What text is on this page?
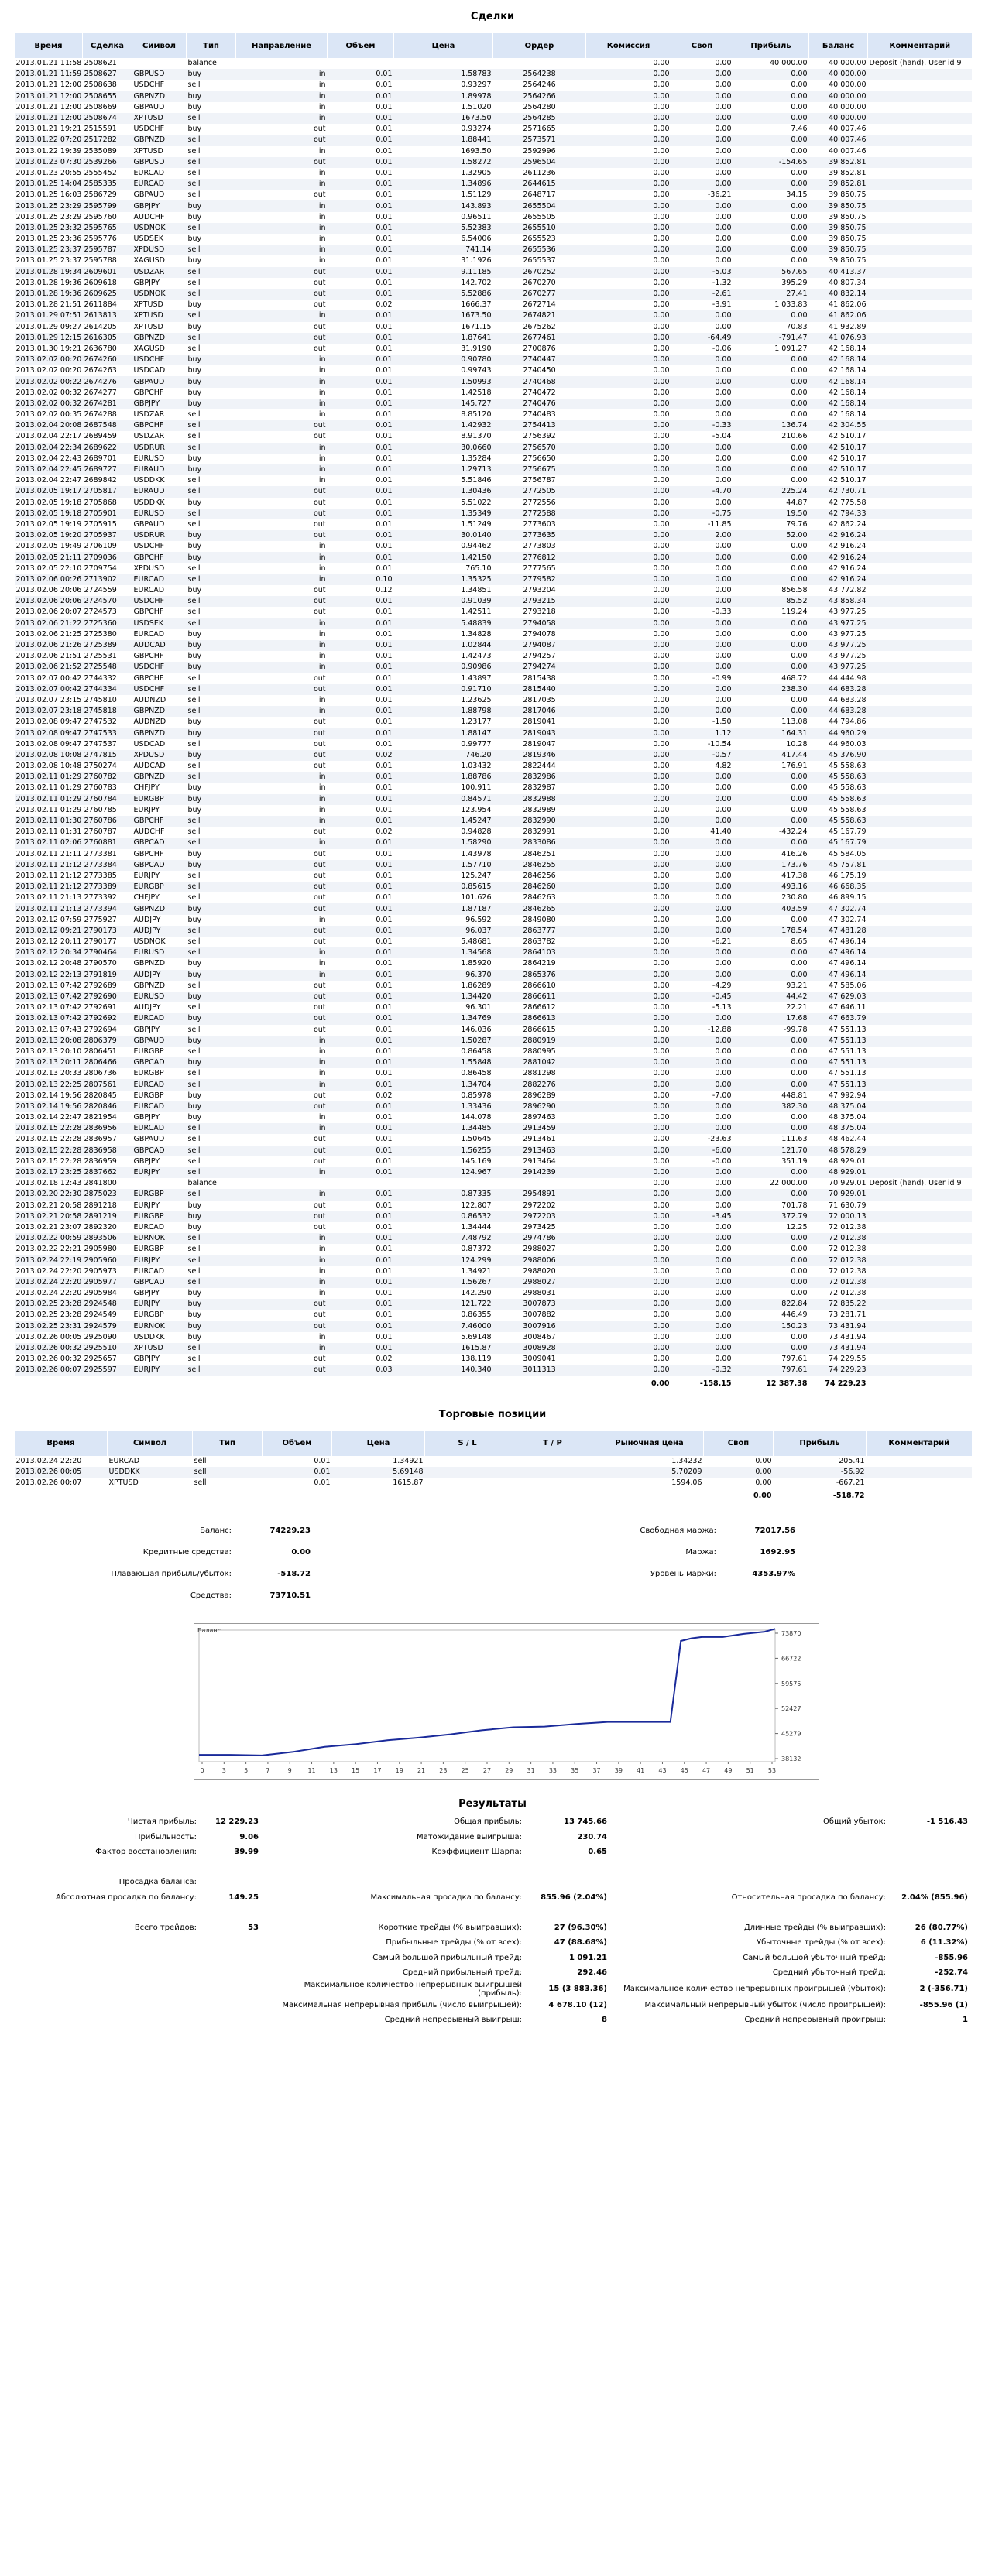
Сделки
Время	Сделка	Символ	Тип	Направление	Объем	Цена	Ордер	Комиссия	Своп	Прибыль	Баланс	Комментарий
2013.01.21 11:58	2508621		balance					0.00	0.00	40 000.00	40 000.00	Deposit (hand). User id 9
2013.01.21 11:59	2508627	GBPUSD	buy	in	0.01	1.58783	2564238	0.00	0.00	0.00	40 000.00	
2013.01.21 12:00	2508638	USDCHF	sell	in	0.01	0.93297	2564246	0.00	0.00	0.00	40 000.00	
2013.01.21 12:00	2508655	GBPNZD	buy	in	0.01	1.89978	2564266	0.00	0.00	0.00	40 000.00	
2013.01.21 12:00	2508669	GBPAUD	buy	in	0.01	1.51020	2564280	0.00	0.00	0.00	40 000.00	
2013.01.21 12:00	2508674	XPTUSD	sell	in	0.01	1673.50	2564285	0.00	0.00	0.00	40 000.00	
2013.01.21 19:21	2515591	USDCHF	buy	out	0.01	0.93274	2571665	0.00	0.00	7.46	40 007.46	
2013.01.22 07:20	2517282	GBPNZD	sell	out	0.01	1.88441	2573571	0.00	0.00	0.00	40 007.46	
2013.01.22 19:39	2535089	XPTUSD	sell	in	0.01	1693.50	2592996	0.00	0.00	0.00	40 007.46	
2013.01.23 07:30	2539266	GBPUSD	sell	out	0.01	1.58272	2596504	0.00	0.00	-154.65	39 852.81	
2013.01.23 20:55	2555452	EURCAD	sell	in	0.01	1.32905	2611236	0.00	0.00	0.00	39 852.81	
2013.01.25 14:04	2585335	EURCAD	sell	in	0.01	1.34896	2644615	0.00	0.00	0.00	39 852.81	
2013.01.25 16:03	2586729	GBPAUD	sell	out	0.01	1.51129	2648717	0.00	-36.21	34.15	39 850.75	
2013.01.25 23:29	2595799	GBPJPY	buy	in	0.01	143.893	2655504	0.00	0.00	0.00	39 850.75	
2013.01.25 23:29	2595760	AUDCHF	buy	in	0.01	0.96511	2655505	0.00	0.00	0.00	39 850.75	
2013.01.25 23:32	2595765	USDNOK	sell	in	0.01	5.52383	2655510	0.00	0.00	0.00	39 850.75	
2013.01.25 23:36	2595776	USDSEK	buy	in	0.01	6.54006	2655523	0.00	0.00	0.00	39 850.75	
2013.01.25 23:37	2595787	XPDUSD	sell	in	0.01	741.14	2655536	0.00	0.00	0.00	39 850.75	
2013.01.25 23:37	2595788	XAGUSD	buy	in	0.01	31.1926	2655537	0.00	0.00	0.00	39 850.75	
2013.01.28 19:34	2609601	USDZAR	sell	out	0.01	9.11185	2670252	0.00	-5.03	567.65	40 413.37	
2013.01.28 19:36	2609618	GBPJPY	sell	out	0.01	142.702	2670270	0.00	-1.32	395.29	40 807.34	
2013.01.28 19:36	2609625	USDNOK	sell	out	0.01	5.52886	2670277	0.00	-2.61	27.41	40 832.14	
2013.01.28 21:51	2611884	XPTUSD	buy	out	0.02	1666.37	2672714	0.00	-3.91	1 033.83	41 862.06	
2013.01.29 07:51	2613813	XPTUSD	sell	in	0.01	1673.50	2674821	0.00	0.00	0.00	41 862.06	
2013.01.29 09:27	2614205	XPTUSD	buy	out	0.01	1671.15	2675262	0.00	0.00	70.83	41 932.89	
2013.01.29 12:15	2616305	GBPNZD	sell	out	0.01	1.87641	2677461	0.00	-64.49	-791.47	41 076.93	
2013.01.30 19:21	2636780	XAGUSD	sell	out	0.01	31.9190	2700876	0.00	-0.06	1 091.27	42 168.14	
2013.02.02 00:20	2674260	USDCHF	buy	in	0.01	0.90780	2740447	0.00	0.00	0.00	42 168.14	
2013.02.02 00:20	2674263	USDCAD	buy	in	0.01	0.99743	2740450	0.00	0.00	0.00	42 168.14	
2013.02.02 00:22	2674276	GBPAUD	buy	in	0.01	1.50993	2740468	0.00	0.00	0.00	42 168.14	
2013.02.02 00:32	2674277	GBPCHF	buy	in	0.01	1.42518	2740472	0.00	0.00	0.00	42 168.14	
2013.02.02 00:32	2674281	GBPJPY	buy	in	0.01	145.727	2740476	0.00	0.00	0.00	42 168.14	
2013.02.02 00:35	2674288	USDZAR	sell	in	0.01	8.85120	2740483	0.00	0.00	0.00	42 168.14	
2013.02.04 20:08	2687548	GBPCHF	sell	out	0.01	1.42932	2754413	0.00	-0.33	136.74	42 304.55	
2013.02.04 22:17	2689459	USDZAR	sell	out	0.01	8.91370	2756392	0.00	-5.04	210.66	42 510.17	
2013.02.04 22:34	2689622	USDRUR	sell	in	0.01	30.0660	2756570	0.00	0.00	0.00	42 510.17	
2013.02.04 22:43	2689701	EURUSD	buy	in	0.01	1.35284	2756650	0.00	0.00	0.00	42 510.17	
2013.02.04 22:45	2689727	EURAUD	buy	in	0.01	1.29713	2756675	0.00	0.00	0.00	42 510.17	
2013.02.04 22:47	2689842	USDDKK	sell	in	0.01	5.51846	2756787	0.00	0.00	0.00	42 510.17	
2013.02.05 19:17	2705817	EURAUD	sell	out	0.01	1.30436	2772505	0.00	-4.70	225.24	42 730.71	
2013.02.05 19:18	2705868	USDDKK	buy	out	0.01	5.51022	2772556	0.00	0.00	44.87	42 775.58	
2013.02.05 19:18	2705901	EURUSD	sell	out	0.01	1.35349	2772588	0.00	-0.75	19.50	42 794.33	
2013.02.05 19:19	2705915	GBPAUD	sell	out	0.01	1.51249	2773603	0.00	-11.85	79.76	42 862.24	
2013.02.05 19:20	2705937	USDRUR	buy	out	0.01	30.0140	2773635	0.00	2.00	52.00	42 916.24	
2013.02.05 19:49	2706109	USDCHF	buy	in	0.01	0.94462	2773803	0.00	0.00	0.00	42 916.24	
2013.02.05 21:11	2709036	GBPCHF	buy	in	0.01	1.42150	2776812	0.00	0.00	0.00	42 916.24	
2013.02.05 22:10	2709754	XPDUSD	sell	in	0.01	765.10	2777565	0.00	0.00	0.00	42 916.24	
2013.02.06 00:26	2713902	EURCAD	sell	in	0.10	1.35325	2779582	0.00	0.00	0.00	42 916.24	
2013.02.06 20:06	2724559	EURCAD	buy	out	0.12	1.34851	2793204	0.00	0.00	856.58	43 772.82	
2013.02.06 20:06	2724570	USDCHF	sell	out	0.01	0.91039	2793215	0.00	0.00	85.52	43 858.34	
2013.02.06 20:07	2724573	GBPCHF	sell	out	0.01	1.42511	2793218	0.00	-0.33	119.24	43 977.25	
2013.02.06 21:22	2725360	USDSEK	sell	in	0.01	5.48839	2794058	0.00	0.00	0.00	43 977.25	
2013.02.06 21:25	2725380	EURCAD	buy	in	0.01	1.34828	2794078	0.00	0.00	0.00	43 977.25	
2013.02.06 21:26	2725389	AUDCAD	buy	in	0.01	1.02844	2794087	0.00	0.00	0.00	43 977.25	
2013.02.06 21:51	2725531	GBPCHF	buy	in	0.01	1.42473	2794257	0.00	0.00	0.00	43 977.25	
2013.02.06 21:52	2725548	USDCHF	buy	in	0.01	0.90986	2794274	0.00	0.00	0.00	43 977.25	
2013.02.07 00:42	2744332	GBPCHF	sell	out	0.01	1.43897	2815438	0.00	-0.99	468.72	44 444.98	
2013.02.07 00:42	2744334	USDCHF	sell	out	0.01	0.91710	2815440	0.00	0.00	238.30	44 683.28	
2013.02.07 23:15	2745810	AUDNZD	sell	in	0.01	1.23625	2817035	0.00	0.00	0.00	44 683.28	
2013.02.07 23:18	2745818	GBPNZD	sell	in	0.01	1.88798	2817046	0.00	0.00	0.00	44 683.28	
2013.02.08 09:47	2747532	AUDNZD	buy	out	0.01	1.23177	2819041	0.00	-1.50	113.08	44 794.86	
2013.02.08 09:47	2747533	GBPNZD	buy	out	0.01	1.88147	2819043	0.00	1.12	164.31	44 960.29	
2013.02.08 09:47	2747537	USDCAD	sell	out	0.01	0.99777	2819047	0.00	-10.54	10.28	44 960.03	
2013.02.08 10:08	2747815	XPDUSD	buy	out	0.02	746.20	2819346	0.00	-0.57	417.44	45 376.90	
2013.02.08 10:48	2750274	AUDCAD	sell	out	0.01	1.03432	2822444	0.00	4.82	176.91	45 558.63	
2013.02.11 01:29	2760782	GBPNZD	sell	in	0.01	1.88786	2832986	0.00	0.00	0.00	45 558.63	
2013.02.11 01:29	2760783	CHFJPY	buy	in	0.01	100.911	2832987	0.00	0.00	0.00	45 558.63	
2013.02.11 01:29	2760784	EURGBP	buy	in	0.01	0.84571	2832988	0.00	0.00	0.00	45 558.63	
2013.02.11 01:29	2760785	EURJPY	buy	in	0.01	123.954	2832989	0.00	0.00	0.00	45 558.63	
2013.02.11 01:30	2760786	GBPCHF	sell	in	0.01	1.45247	2832990	0.00	0.00	0.00	45 558.63	
2013.02.11 01:31	2760787	AUDCHF	sell	out	0.02	0.94828	2832991	0.00	41.40	-432.24	45 167.79	
2013.02.11 02:06	2760881	GBPCAD	sell	in	0.01	1.58290	2833086	0.00	0.00	0.00	45 167.79	
2013.02.11 21:11	2773381	GBPCHF	buy	out	0.01	1.43978	2846251	0.00	0.00	416.26	45 584.05	
2013.02.11 21:12	2773384	GBPCAD	buy	out	0.01	1.57710	2846255	0.00	0.00	173.76	45 757.81	
2013.02.11 21:12	2773385	EURJPY	sell	out	0.01	125.247	2846256	0.00	0.00	417.38	46 175.19	
2013.02.11 21:12	2773389	EURGBP	sell	out	0.01	0.85615	2846260	0.00	0.00	493.16	46 668.35	
2013.02.11 21:13	2773392	CHFJPY	sell	out	0.01	101.626	2846263	0.00	0.00	230.80	46 899.15	
2013.02.11 21:13	2773394	GBPNZD	buy	out	0.01	1.87187	2846265	0.00	0.00	403.59	47 302.74	
2013.02.12 07:59	2775927	AUDJPY	buy	in	0.01	96.592	2849080	0.00	0.00	0.00	47 302.74	
2013.02.12 09:21	2790173	AUDJPY	sell	out	0.01	96.037	2863777	0.00	0.00	178.54	47 481.28	
2013.02.12 20:11	2790177	USDNOK	sell	out	0.01	5.48681	2863782	0.00	-6.21	8.65	47 496.14	
2013.02.12 20:34	2790464	EURUSD	sell	in	0.01	1.34568	2864103	0.00	0.00	0.00	47 496.14	
2013.02.12 20:48	2790570	GBPNZD	buy	in	0.01	1.85920	2864219	0.00	0.00	0.00	47 496.14	
2013.02.12 22:13	2791819	AUDJPY	buy	in	0.01	96.370	2865376	0.00	0.00	0.00	47 496.14	
2013.02.13 07:42	2792689	GBPNZD	sell	out	0.01	1.86289	2866610	0.00	-4.29	93.21	47 585.06	
2013.02.13 07:42	2792690	EURUSD	buy	out	0.01	1.34420	2866611	0.00	-0.45	44.42	47 629.03	
2013.02.13 07:42	2792691	AUDJPY	sell	out	0.01	96.301	2866612	0.00	-5.13	22.21	47 646.11	
2013.02.13 07:42	2792692	EURCAD	buy	out	0.01	1.34769	2866613	0.00	0.00	17.68	47 663.79	
2013.02.13 07:43	2792694	GBPJPY	sell	out	0.01	146.036	2866615	0.00	-12.88	-99.78	47 551.13	
2013.02.13 20:08	2806379	GBPAUD	buy	in	0.01	1.50287	2880919	0.00	0.00	0.00	47 551.13	
2013.02.13 20:10	2806451	EURGBP	sell	in	0.01	0.86458	2880995	0.00	0.00	0.00	47 551.13	
2013.02.13 20:11	2806466	GBPCAD	buy	in	0.01	1.55848	2881042	0.00	0.00	0.00	47 551.13	
2013.02.13 20:33	2806736	EURGBP	sell	in	0.01	0.86458	2881298	0.00	0.00	0.00	47 551.13	
2013.02.13 22:25	2807561	EURCAD	sell	in	0.01	1.34704	2882276	0.00	0.00	0.00	47 551.13	
2013.02.14 19:56	2820845	EURGBP	buy	out	0.02	0.85978	2896289	0.00	-7.00	448.81	47 992.94	
2013.02.14 19:56	2820846	EURCAD	buy	out	0.01	1.33436	2896290	0.00	0.00	382.30	48 375.04	
2013.02.14 22:47	2821954	GBPJPY	buy	in	0.01	144.078	2897463	0.00	0.00	0.00	48 375.04	
2013.02.15 22:28	2836956	EURCAD	sell	in	0.01	1.34485	2913459	0.00	0.00	0.00	48 375.04	
2013.02.15 22:28	2836957	GBPAUD	sell	out	0.01	1.50645	2913461	0.00	-23.63	111.63	48 462.44	
2013.02.15 22:28	2836958	GBPCAD	sell	out	0.01	1.56255	2913463	0.00	-6.00	121.70	48 578.29	
2013.02.15 22:28	2836959	GBPJPY	sell	out	0.01	145.169	2913464	0.00	-0.00	351.19	48 929.01	
2013.02.17 23:25	2837662	EURJPY	sell	in	0.01	124.967	2914239	0.00	0.00	0.00	48 929.01	
2013.02.18 12:43	2841800		balance					0.00	0.00	22 000.00	70 929.01	Deposit (hand). User id 9
2013.02.20 22:30	2875023	EURGBP	sell	in	0.01	0.87335	2954891	0.00	0.00	0.00	70 929.01	
2013.02.21 20:58	2891218	EURJPY	buy	out	0.01	122.807	2972202	0.00	0.00	701.78	71 630.79	
2013.02.21 20:58	2891219	EURGBP	buy	out	0.01	0.86532	2972203	0.00	-3.45	372.79	72 000.13	
2013.02.21 23:07	2892320	EURCAD	buy	out	0.01	1.34444	2973425	0.00	0.00	12.25	72 012.38	
2013.02.22 00:59	2893506	EURNOK	sell	in	0.01	7.48792	2974786	0.00	0.00	0.00	72 012.38	
2013.02.22 22:21	2905980	EURGBP	sell	in	0.01	0.87372	2988027	0.00	0.00	0.00	72 012.38	
2013.02.24 22:19	2905960	EURJPY	sell	in	0.01	124.299	2988006	0.00	0.00	0.00	72 012.38	
2013.02.24 22:20	2905973	EURCAD	sell	in	0.01	1.34921	2988020	0.00	0.00	0.00	72 012.38	
2013.02.24 22:20	2905977	GBPCAD	sell	in	0.01	1.56267	2988027	0.00	0.00	0.00	72 012.38	
2013.02.24 22:20	2905984	GBPJPY	buy	in	0.01	142.290	2988031	0.00	0.00	0.00	72 012.38	
2013.02.25 23:28	2924548	EURJPY	buy	out	0.01	121.722	3007873	0.00	0.00	822.84	72 835.22	
2013.02.25 23:28	2924549	EURGBP	buy	out	0.01	0.86355	3007882	0.00	0.00	446.49	73 281.71	
2013.02.25 23:31	2924579	EURNOK	buy	out	0.01	7.46000	3007916	0.00	0.00	150.23	73 431.94	
2013.02.26 00:05	2925090	USDDKK	buy	in	0.01	5.69148	3008467	0.00	0.00	0.00	73 431.94	
2013.02.26 00:32	2925510	XPTUSD	sell	in	0.01	1615.87	3008928	0.00	0.00	0.00	73 431.94	
2013.02.26 00:32	2925657	GBPJPY	sell	out	0.02	138.119	3009041	0.00	0.00	797.61	74 229.55	
2013.02.26 00:07	2925597	EURJPY	sell	out	0.03	140.340	3011313	0.00	-0.32	797.61	74 229.23	
								0.00	-158.15	12 387.38	74 229.23	
Торговые позиции
Время	Символ	Тип	Объем	Цена	S / L	T / P	Рыночная цена	Своп	Прибыль	Комментарий
2013.02.24 22:20	EURCAD	sell	0.01	1.34921			1.34232	0.00	205.41	
2013.02.26 00:05	USDDKK	sell	0.01	5.69148			5.70209	0.00	-56.92	
2013.02.26 00:07	XPTUSD	sell	0.01	1615.87			1594.06	0.00	-667.21	
								0.00	-518.72	
Баланс:	74229.23		Свободная маржа:	72017.56	
Кредитные средства:	0.00		Маржа:	1692.95	
Плавающая прибыль/убыток:	-518.72		Уровень маржи:	4353.97%	
Средства:	73710.51				
Баланс	73870
66722
59575
52427
45279
38132
0	3	5	7	9	11 13 15 17 19 21 23 25 27 29 31 33 35 37 39 41 43 45 47 49 51 53
Результаты
Чистая прибыль:	12 229.23	Общая прибыль:	13 745.66	Общий убыток:	-1 516.43
Прибыльность:	9.06	Матожидание выигрыша:	230.74		
Фактор восстановления:	39.99	Коэффициент Шарпа:	0.65		

Просадка баланса:					
Абсолютная просадка по балансу:	149.25	Максимальная просадка по балансу:	855.96 (2.04%)	Относительная просадка по балансу:	2.04% (855.96)

Всего трейдов:	53	Короткие трейды (% выигравших):	27 (96.30%)	Длинные трейды (% выигравших):	26 (80.77%)
		Прибыльные трейды (% от всех):	47 (88.68%)	Убыточные трейды (% от всех):	6 (11.32%)
		Самый большой прибыльный трейд:	1 091.21	Самый большой убыточный трейд:	-855.96
		Средний прибыльный трейд:	292.46	Средний убыточный трейд:	-252.74
		Максимальное количество непрерывных выигрышей (прибыль):	15 (3 883.36)	Максимальное количество непрерывных проигрышей (убыток):	2 (-356.71)
		Максимальная непрерывная прибыль (число выигрышей):	4 678.10 (12)	Максимальный непрерывный убыток (число проигрышей):	-855.96 (1)
		Средний непрерывный выигрыш:	8	Средний непрерывный проигрыш:	1
